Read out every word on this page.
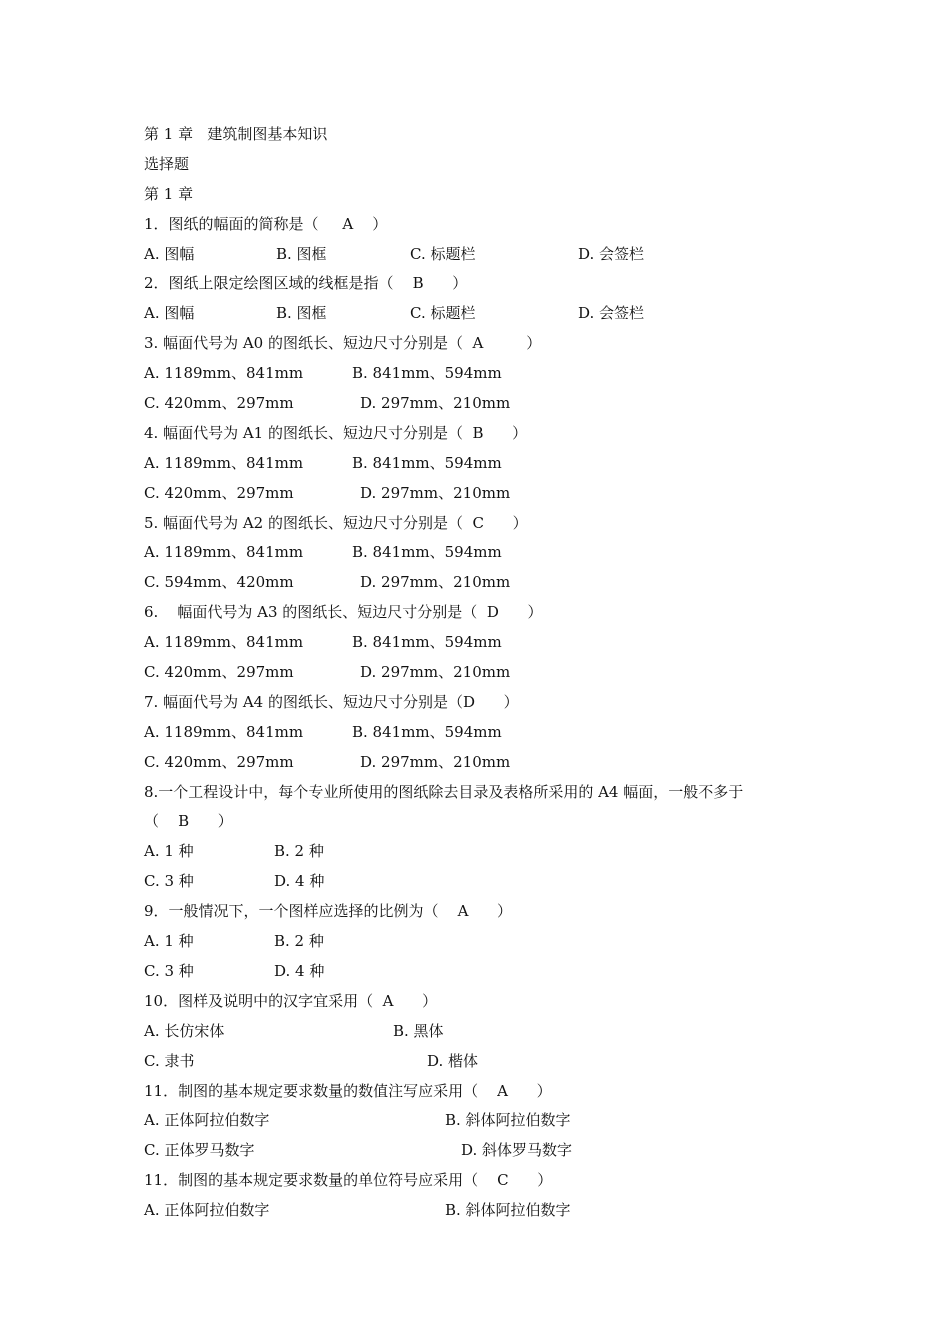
第 1 章   建筑制图基本知识
选择题
第 1 章
1．图纸的幅面的简称是（     A    ）
A. 图幅	B. 图框	C. 标题栏	D. 会签栏
2．图纸上限定绘图区域的线框是指（    B      ）
A. 图幅	B. 图框	C. 标题栏	D. 会签栏
3. 幅面代号为 A0 的图纸长、短边尺寸分别是（  A         ）
A. 1189mm、841mm	B. 841mm、594mm
C. 420mm、297mm	D. 297mm、210mm
4. 幅面代号为 A1 的图纸长、短边尺寸分别是（  B      ）
A. 1189mm、841mm	B. 841mm、594mm
C. 420mm、297mm	D. 297mm、210mm
5. 幅面代号为 A2 的图纸长、短边尺寸分别是（  C      ）
A. 1189mm、841mm	B. 841mm、594mm
C. 594mm、420mm	D. 297mm、210mm
6.    幅面代号为 A3 的图纸长、短边尺寸分别是（  D      ）
A. 1189mm、841mm	B. 841mm、594mm
C. 420mm、297mm	D. 297mm、210mm
7. 幅面代号为 A4 的图纸长、短边尺寸分别是（D      ）
A. 1189mm、841mm	B. 841mm、594mm
C. 420mm、297mm	D. 297mm、210mm
8.一个工程设计中，每个专业所使用的图纸除去目录及表格所采用的 A4 幅面，一般不多于
（    B      ）
A. 1 种	B. 2 种
C. 3 种	D. 4 种
9．一般情况下，一个图样应选择的比例为（    A      ）
A. 1 种	B. 2 种
C. 3 种	D. 4 种
10．图样及说明中的汉字宜采用（  A      ）
A. 长仿宋体	B. 黑体
C. 隶书	D. 楷体
11．制图的基本规定要求数量的数值注写应采用（    A      ）
A. 正体阿拉伯数字	B. 斜体阿拉伯数字
C. 正体罗马数字	D. 斜体罗马数字
11．制图的基本规定要求数量的单位符号应采用（    C      ）
A. 正体阿拉伯数字	B. 斜体阿拉伯数字
